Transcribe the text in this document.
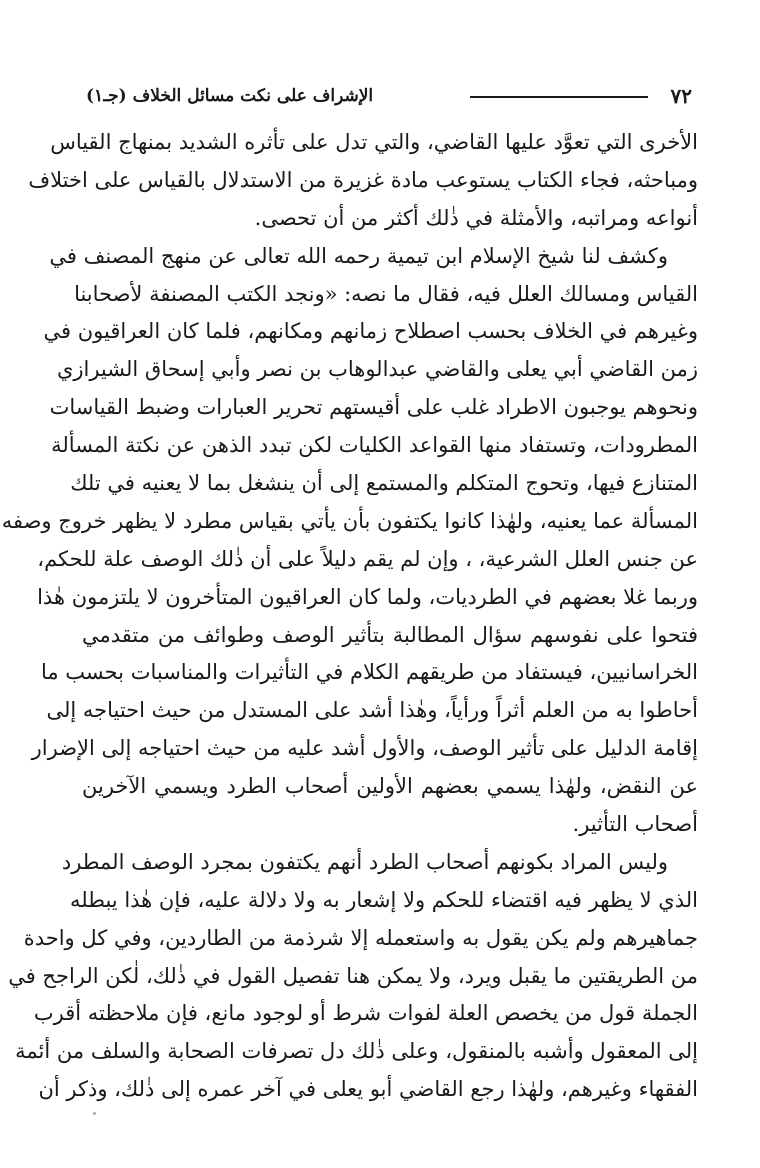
٧٢
الإشراف على نكت مسائل الخلاف (جـ١)
الأخرى التي تعوَّد عليها القاضي، والتي تدل على تأثره الشديد بمنهاج القياس
ومباحثه، فجاء الكتاب يستوعب مادة غزيرة من الاستدلال بالقياس على اختلاف
أنواعه ومراتبه، والأمثلة في ذٰلك أكثر من أن تحصى.
وكشف لنا شيخ الإسلام ابن تيمية رحمه الله تعالى عن منهج المصنف في
القياس ومسالك العلل فيه، فقال ما نصه: «ونجد الكتب المصنفة لأصحابنا
وغيرهم في الخلاف بحسب اصطلاح زمانهم ومكانهم، فلما كان العراقيون في
زمن القاضي أبي يعلى والقاضي عبدالوهاب بن نصر وأبي إسحاق الشيرازي
ونحوهم يوجبون الاطراد غلب على أقيستهم تحرير العبارات وضبط القياسات
المطرودات، وتستفاد منها القواعد الكليات لكن تبدد الذهن عن نكتة المسألة
المتنازع فيها، وتحوج المتكلم والمستمع إلى أن ينشغل بما لا يعنيه في تلك
المسألة عما يعنيه، ولهٰذا كانوا يكتفون بأن يأتي بقياس مطرد لا يظهر خروج وصفه
عن جنس العلل الشرعية، ، وإن لم يقم دليلاً على أن ذٰلك الوصف علة للحكم،
وربما غلا بعضهم في الطرديات، ولما كان العراقيون المتأخرون لا يلتزمون هٰذا
فتحوا على نفوسهم سؤال المطالبة بتأثير الوصف وطوائف من متقدمي
الخراسانيين، فيستفاد من طريقهم الكلام في التأثيرات والمناسبات بحسب ما
أحاطوا به من العلم أثراً ورأياً، وهٰذا أشد على المستدل من حيث احتياجه إلى
إقامة الدليل على تأثير الوصف، والأول أشد عليه من حيث احتياجه إلى الإضرار
عن النقض، ولهٰذا يسمي بعضهم الأولين أصحاب الطرد ويسمي الآخرين
أصحاب التأثير.
وليس المراد بكونهم أصحاب الطرد أنهم يكتفون بمجرد الوصف المطرد
الذي لا يظهر فيه اقتضاء للحكم ولا إشعار به ولا دلالة عليه، فإن هٰذا يبطله
جماهيرهم ولم يكن يقول به واستعمله إلا شرذمة من الطاردين، وفي كل واحدة
من الطريقتين ما يقبل ويرد، ولا يمكن هنا تفصيل القول في ذٰلك، لٰكن الراجح في
الجملة قول من يخصص العلة لفوات شرط أو لوجود مانع، فإن ملاحظته أقرب
إلى المعقول وأشبه بالمنقول، وعلى ذٰلك دل تصرفات الصحابة والسلف من أئمة
الفقهاء وغيرهم، ولهٰذا رجع القاضي أبو يعلى في آخر عمره إلى ذٰلك، وذكر أن
